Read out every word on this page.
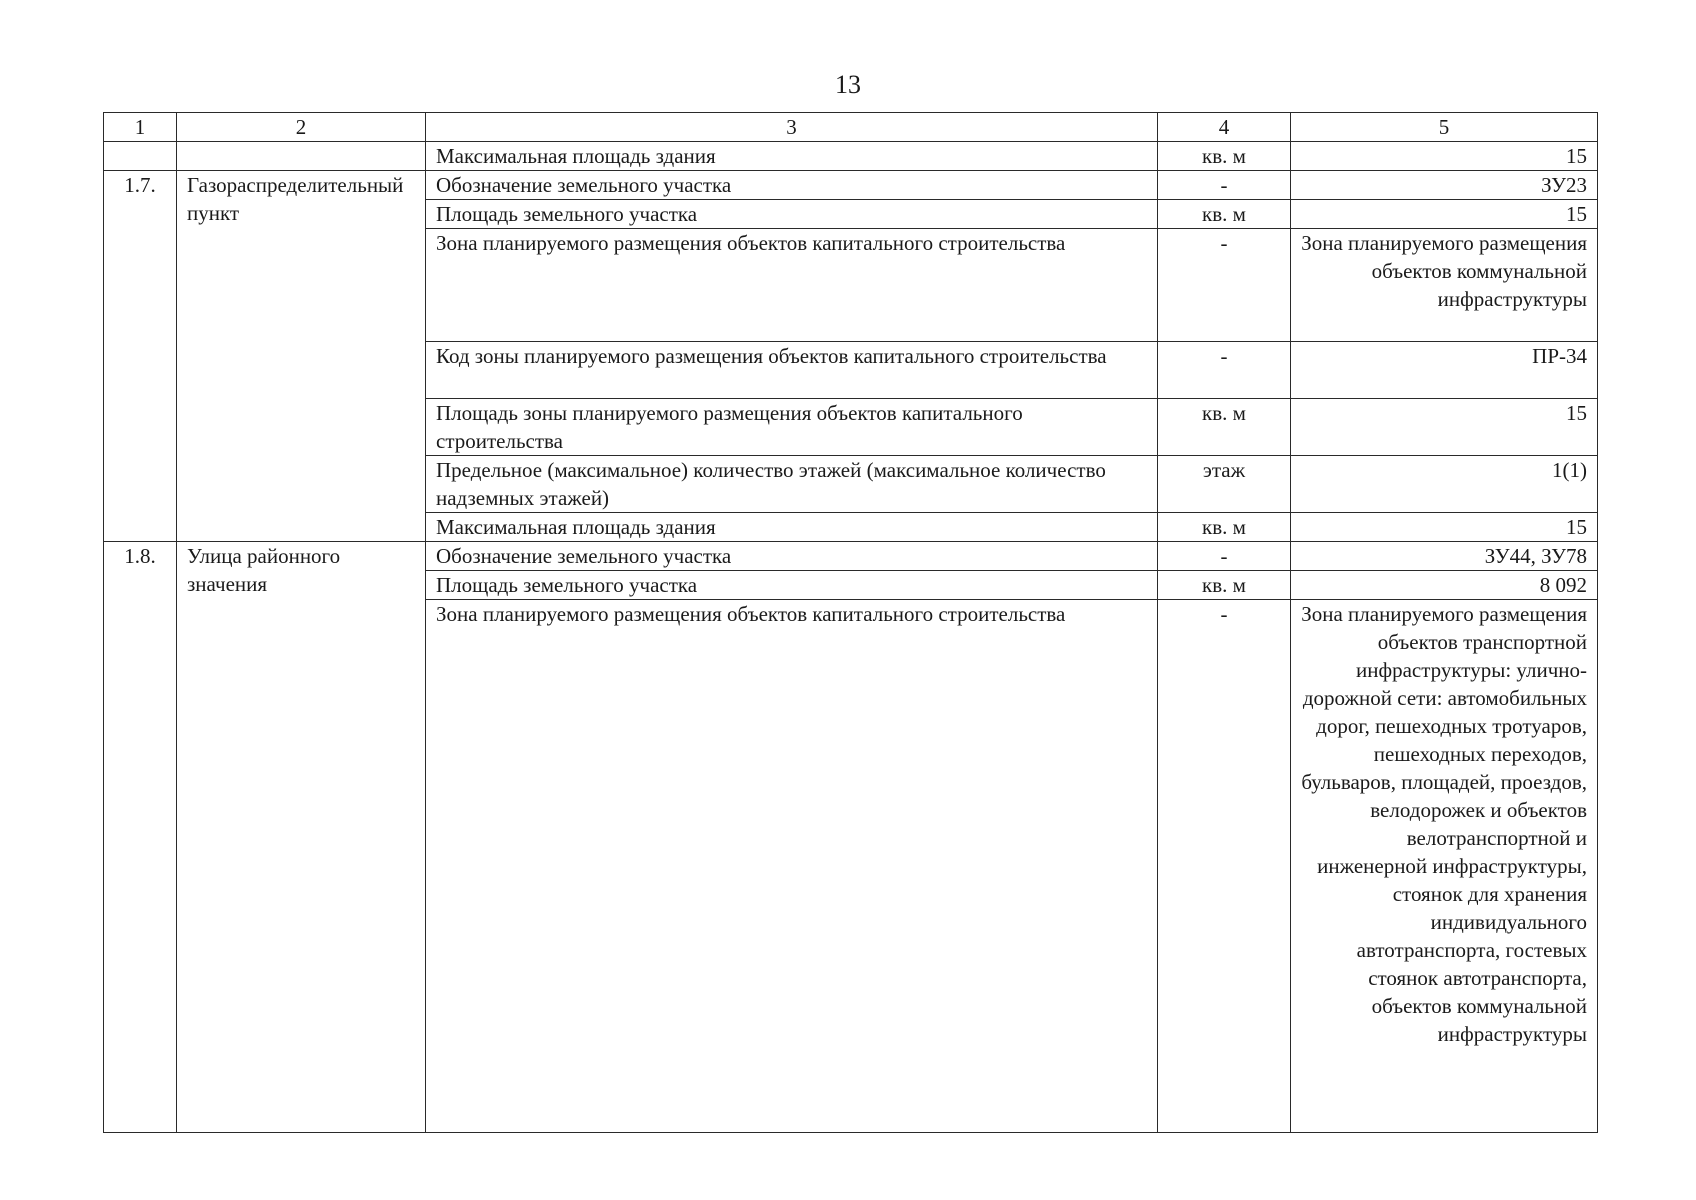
13
1	2	3	4	5
		Максимальная площадь здания	кв. м	15
1.7.	Газораспределительный пункт	Обозначение земельного участка	-	ЗУ23
		Площадь земельного участка	кв. м	15
		Зона планируемого размещения объектов капитального строительства	-	Зона планируемого размещения объектов коммунальной инфраструктуры
		Код зоны планируемого размещения объектов капитального строительства	-	ПР-34
		Площадь зоны планируемого размещения объектов капитального строительства	кв. м	15
		Предельное (максимальное) количество этажей (максимальное количество надземных этажей)	этаж	1(1)
		Максимальная площадь здания	кв. м	15
1.8.	Улица районного значения	Обозначение земельного участка	-	ЗУ44, ЗУ78
		Площадь земельного участка	кв. м	8 092
		Зона планируемого размещения объектов капитального строительства	-	Зона планируемого размещения объектов транспортной инфраструктуры: улично-дорожной сети: автомобильных дорог, пешеходных тротуаров, пешеходных переходов, бульваров, площадей, проездов, велодорожек и объектов велотранспортной и инженерной инфраструктуры, стоянок для хранения индивидуального автотранспорта, гостевых стоянок автотранспорта, объектов коммунальной инфраструктуры
